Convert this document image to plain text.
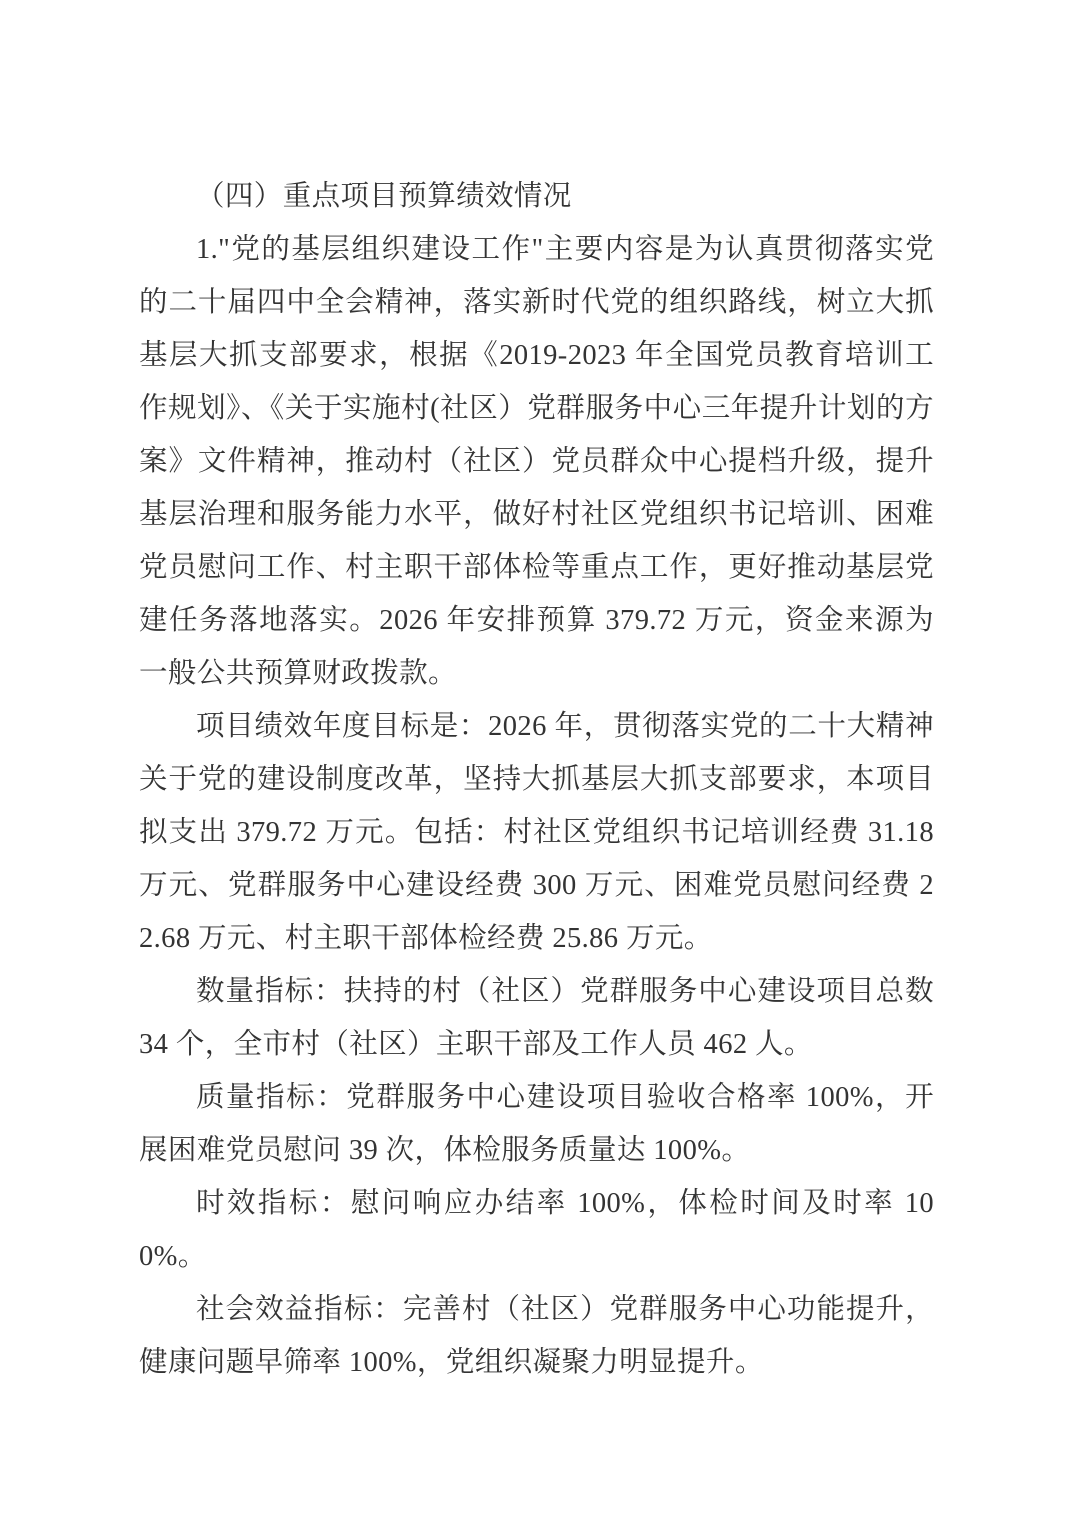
（四）重点项目预算绩效情况

1."党的基层组织建设工作"主要内容是为认真贯彻落实党的二十届四中全会精神，落实新时代党的组织路线，树立大抓基层大抓支部要求，根据《2019-2023 年全国党员教育培训工作规划》、《关于实施村(社区）党群服务中心三年提升计划的方案》文件精神，推动村（社区）党员群众中心提档升级，提升基层治理和服务能力水平，做好村社区党组织书记培训、困难党员慰问工作、村主职干部体检等重点工作，更好推动基层党建任务落地落实。2026 年安排预算 379.72 万元，资金来源为一般公共预算财政拨款。

项目绩效年度目标是：2026 年，贯彻落实党的二十大精神关于党的建设制度改革，坚持大抓基层大抓支部要求，本项目拟支出 379.72 万元。包括：村社区党组织书记培训经费 31.18 万元、党群服务中心建设经费 300 万元、困难党员慰问经费 22.68 万元、村主职干部体检经费 25.86 万元。

数量指标：扶持的村（社区）党群服务中心建设项目总数 34 个，全市村（社区）主职干部及工作人员 462 人。

质量指标：党群服务中心建设项目验收合格率 100%，开展困难党员慰问 39 次，体检服务质量达 100%。

时效指标：慰问响应办结率 100%，体检时间及时率 100%。

社会效益指标：完善村（社区）党群服务中心功能提升，健康问题早筛率 100%，党组织凝聚力明显提升。
